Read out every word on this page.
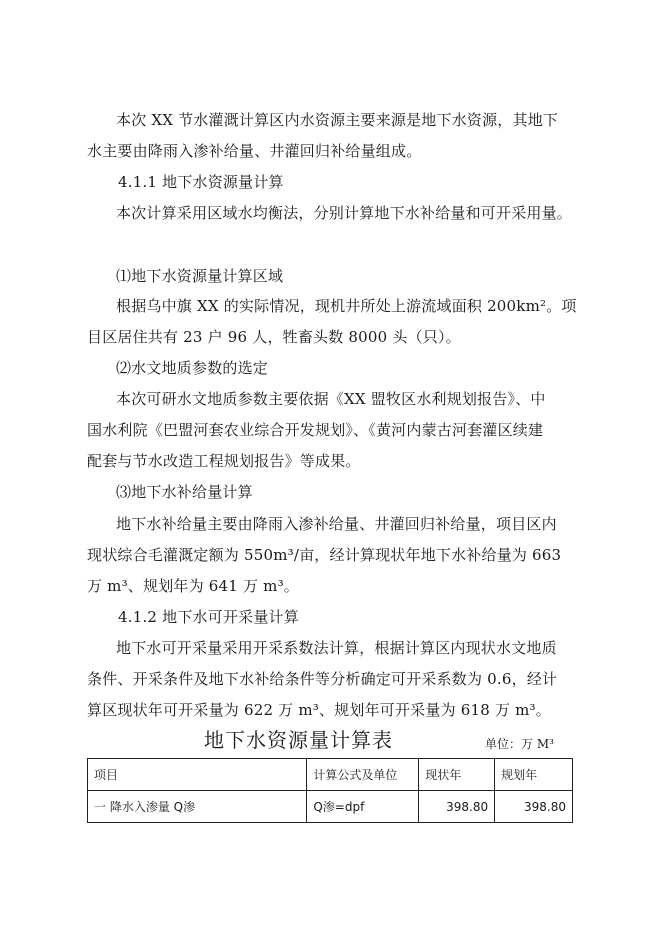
本次 XX 节水灌溉计算区内水资源主要来源是地下水资源，其地下
水主要由降雨入渗补给量、井灌回归补给量组成。
4.1.1 地下水资源量计算
本次计算采用区域水均衡法，分别计算地下水补给量和可开采用量。
⑴地下水资源量计算区域
根据乌中旗 XX 的实际情况，现机井所处上游流域面积 200km²。项
目区居住共有 23 户 96 人，牲畜头数 8000 头（只）。
⑵水文地质参数的选定
本次可研水文地质参数主要依据《XX 盟牧区水利规划报告》、中
国水利院《巴盟河套农业综合开发规划》、《黄河内蒙古河套灌区续建
配套与节水改造工程规划报告》等成果。
⑶地下水补给量计算
地下水补给量主要由降雨入渗补给量、井灌回归补给量，项目区内
现状综合毛灌溉定额为 550m³/亩，经计算现状年地下水补给量为 663
万 m³、规划年为 641 万 m³。
4.1.2 地下水可开采量计算
地下水可开采量采用开采系数法计算，根据计算区内现状水文地质
条件、开采条件及地下水补给条件等分析确定可开采系数为 0.6，经计
算区现状年可开采量为 622 万 m³、规划年可开采量为 618 万 m³。
地下水资源量计算表	单位：万 M³
项目	计算公式及单位	现状年	规划年
一 降水入渗量 Q渗	Q渗=dpf	398.80	398.80
